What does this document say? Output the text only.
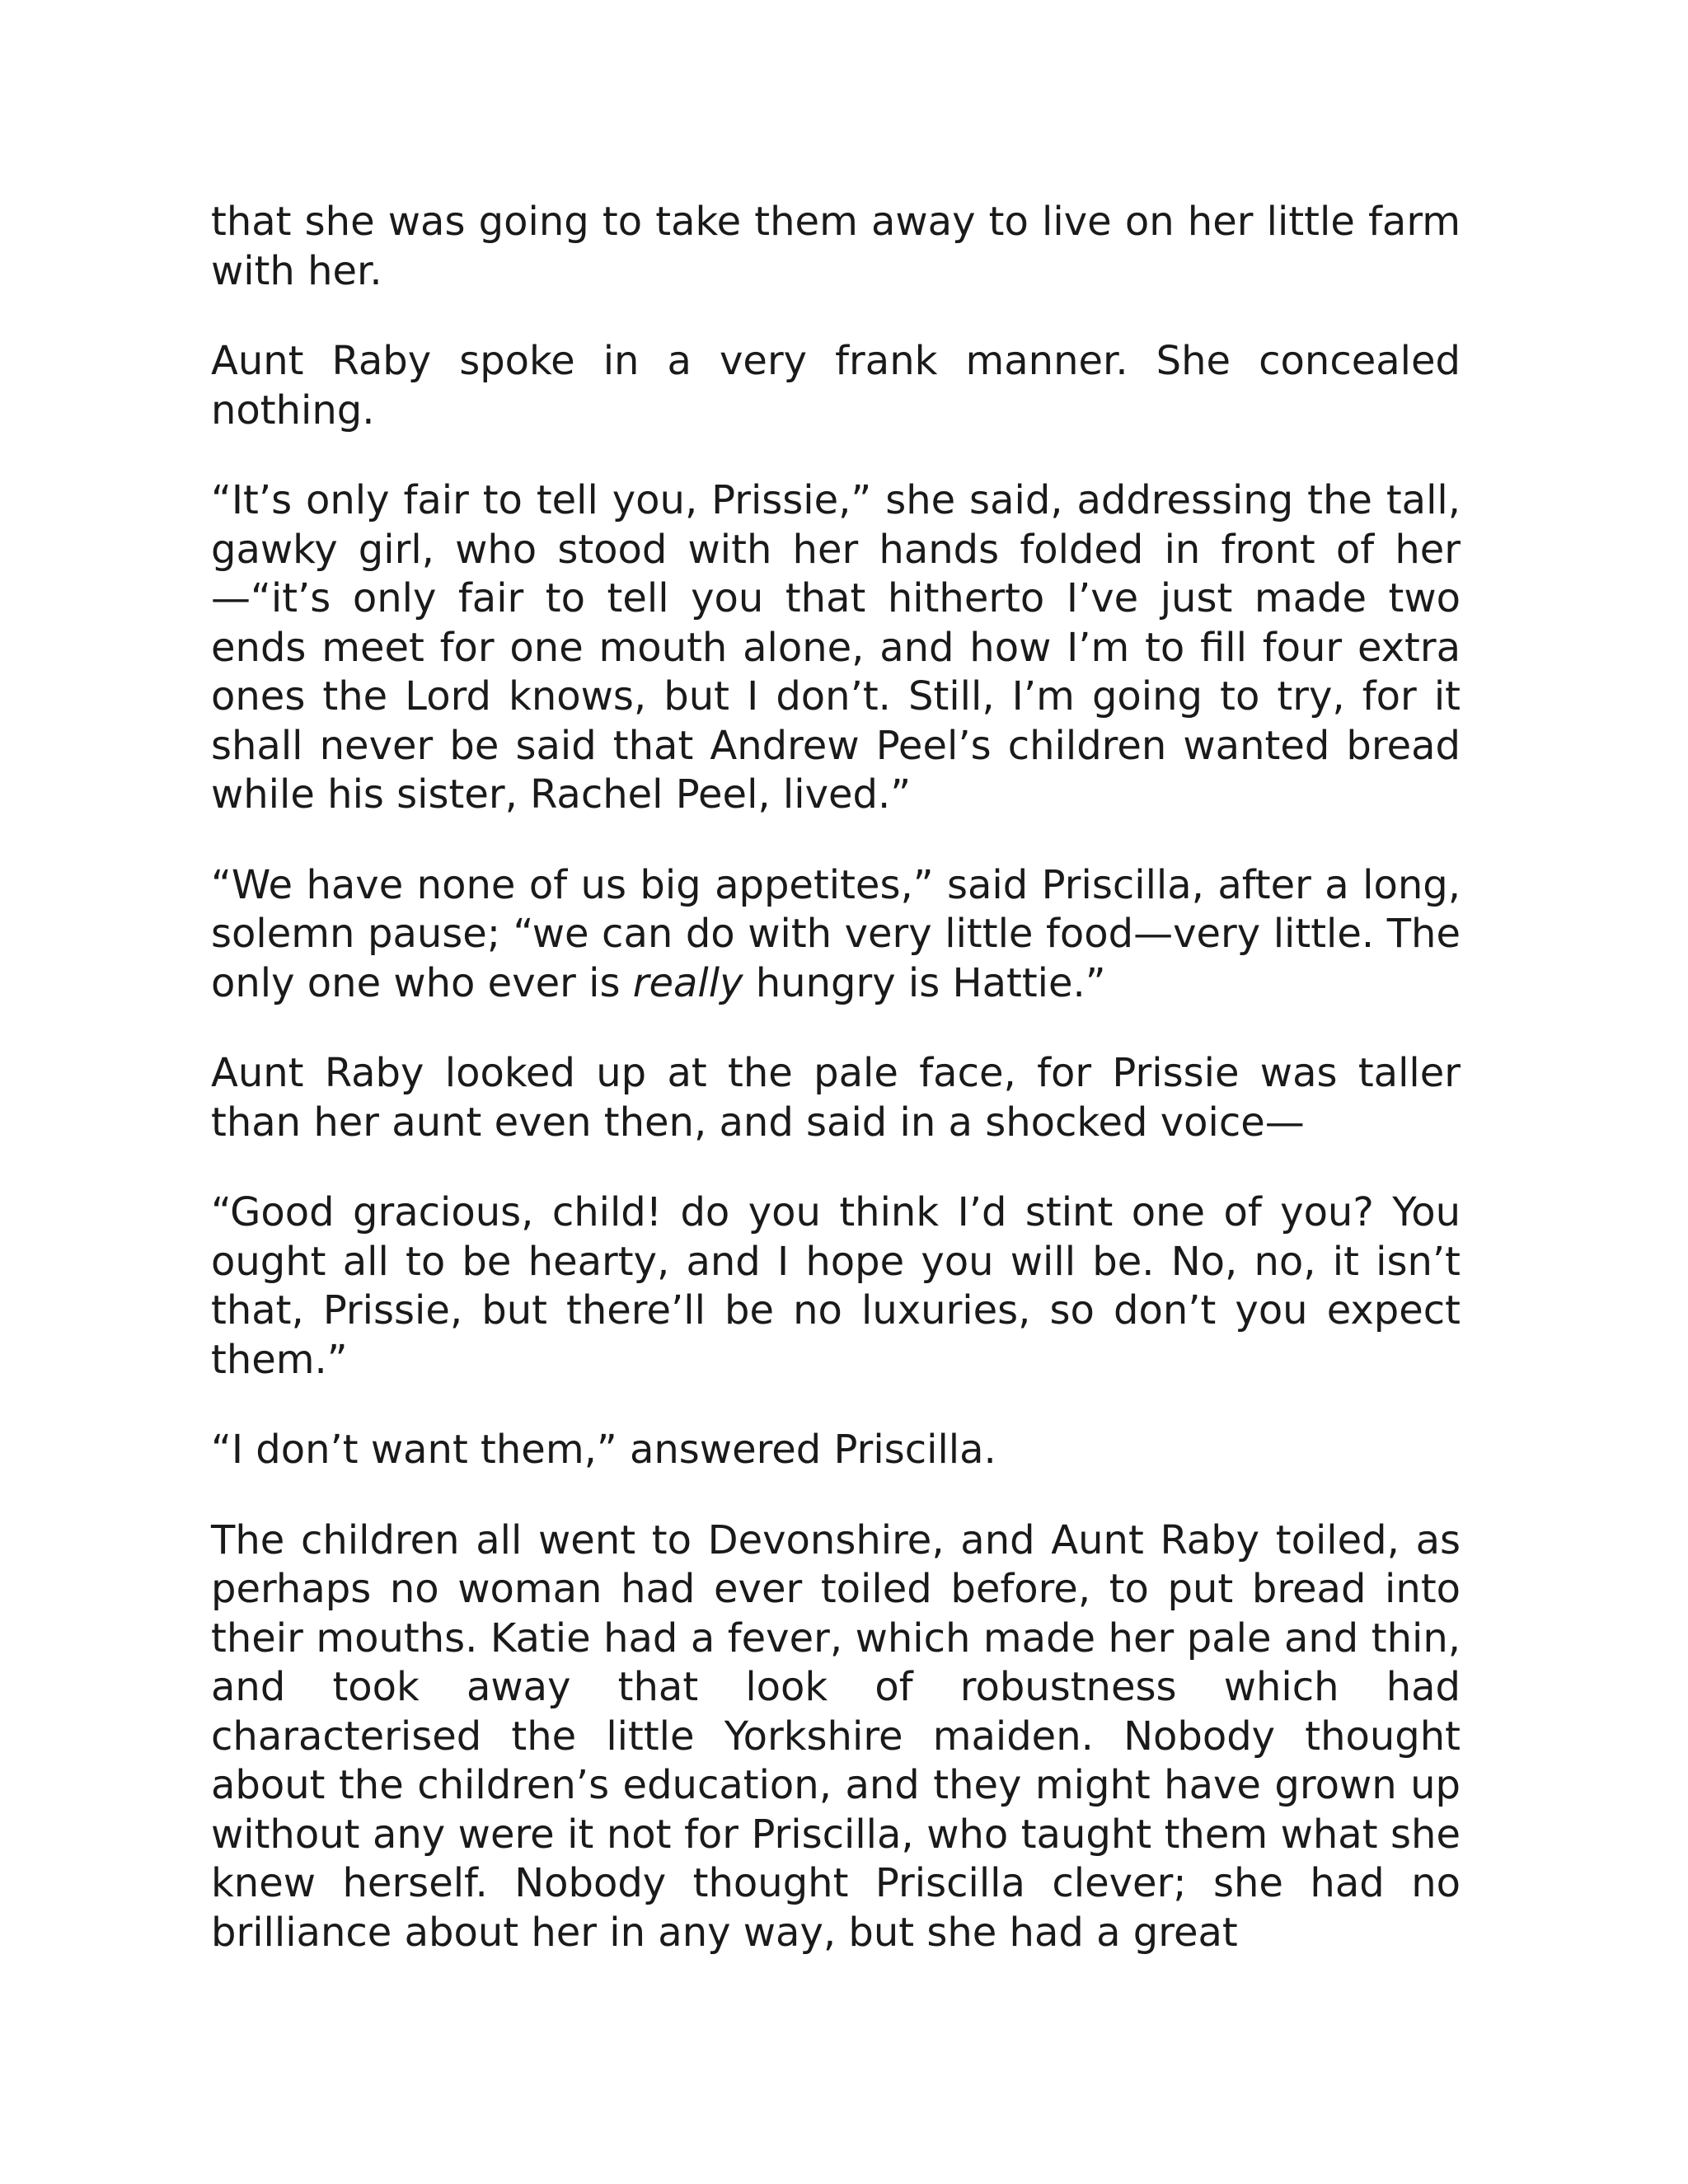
that she was going to take them away to live on her little farm with her.

Aunt Raby spoke in a very frank manner. She concealed nothing.

“It’s only fair to tell you, Prissie,” she said, addressing the tall, gawky girl, who stood with her hands folded in front of her—“it’s only fair to tell you that hitherto I’ve just made two ends meet for one mouth alone, and how I’m to fill four extra ones the Lord knows, but I don’t. Still, I’m going to try, for it shall never be said that Andrew Peel’s children wanted bread while his sister, Rachel Peel, lived.”

“We have none of us big appetites,” said Priscilla, after a long, solemn pause; “we can do with very little food—very little. The only one who ever is really hungry is Hattie.”

Aunt Raby looked up at the pale face, for Prissie was taller than her aunt even then, and said in a shocked voice—

“Good gracious, child! do you think I’d stint one of you? You ought all to be hearty, and I hope you will be. No, no, it isn’t that, Prissie, but there’ll be no luxuries, so don’t you expect them.”

“I don’t want them,” answered Priscilla.

The children all went to Devonshire, and Aunt Raby toiled, as perhaps no woman had ever toiled before, to put bread into their mouths. Katie had a fever, which made her pale and thin, and took away that look of robustness which had characterised the little Yorkshire maiden. Nobody thought about the children’s education, and they might have grown up without any were it not for Priscilla, who taught them what she knew herself. Nobody thought Priscilla clever; she had no brilliance about her in any way, but she had a great
